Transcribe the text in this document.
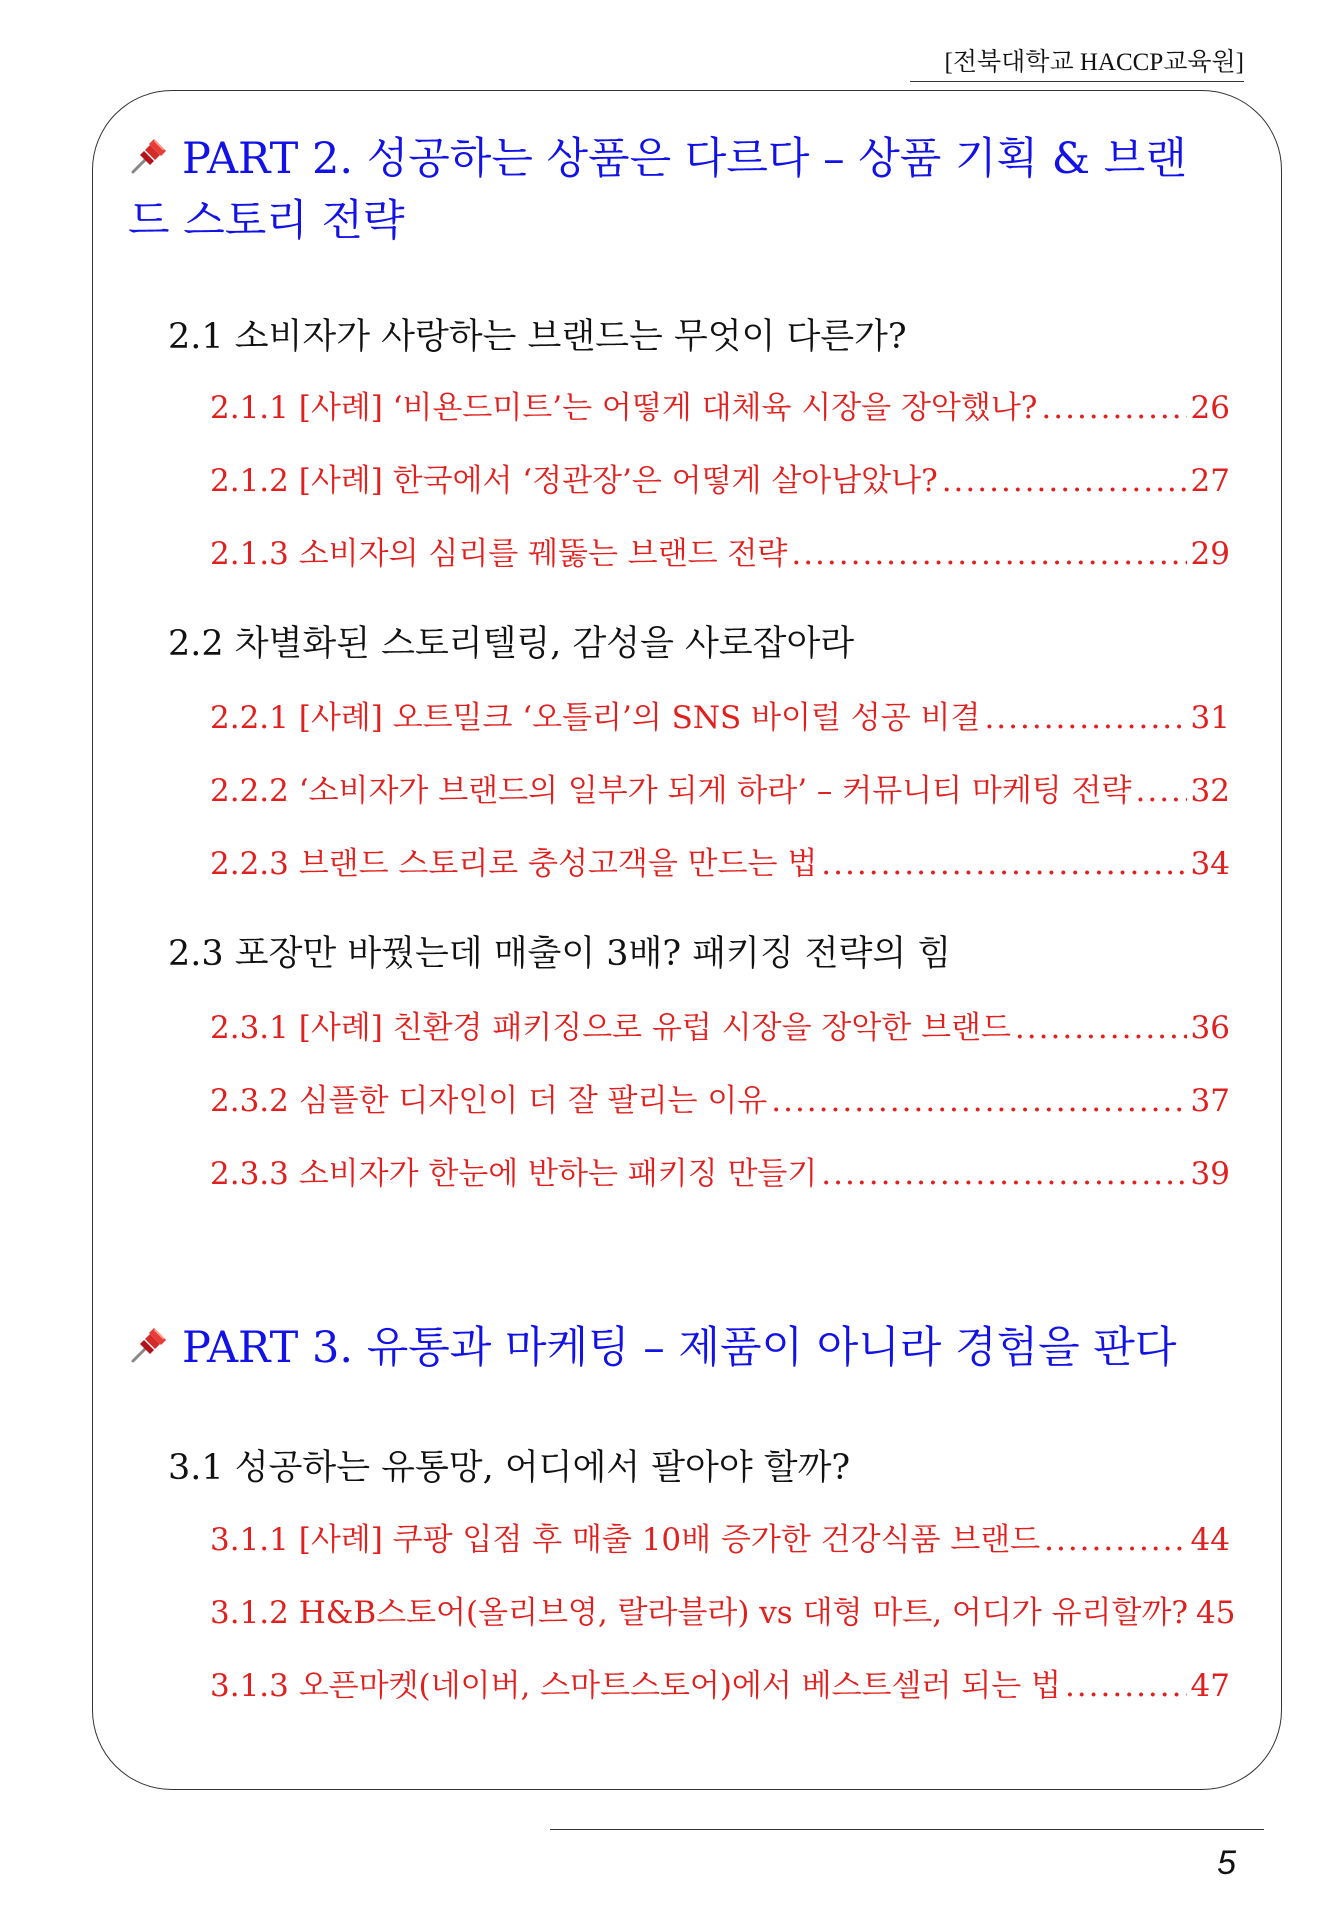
[전북대학교 HACCP교육원]
PART 2. 성공하는 상품은 다르다 – 상품 기획 & 브랜드 스토리 전략
2.1 소비자가 사랑하는 브랜드는 무엇이 다른가?
2.1.1 [사례] ‘비욘드미트’는 어떻게 대체육 시장을 장악했나? .....	26
2.1.2 [사례] 한국에서 ‘정관장’은 어떻게 살아남았나? .....	27
2.1.3 소비자의 심리를 꿰뚫는 브랜드 전략 .....	29
2.2 차별화된 스토리텔링, 감성을 사로잡아라
2.2.1 [사례] 오트밀크 ‘오틀리’의 SNS 바이럴 성공 비결 .....	31
2.2.2 ‘소비자가 브랜드의 일부가 되게 하라’ – 커뮤니티 마케팅 전략 ..... 32
2.2.3 브랜드 스토리로 충성고객을 만드는 법 .....	34
2.3 포장만 바꿨는데 매출이 3배? 패키징 전략의 힘
2.3.1 [사례] 친환경 패키징으로 유럽 시장을 장악한 브랜드 .....	36
2.3.2 심플한 디자인이 더 잘 팔리는 이유 .....	37
2.3.3 소비자가 한눈에 반하는 패키징 만들기 .....	39
PART 3. 유통과 마케팅 – 제품이 아니라 경험을 판다
3.1 성공하는 유통망, 어디에서 팔아야 할까?
3.1.1 [사례] 쿠팡 입점 후 매출 10배 증가한 건강식품 브랜드 .....	44
3.1.2 H&B스토어(올리브영, 랄라블라) vs 대형 마트, 어디가 유리할까? 45
3.1.3 오픈마켓(네이버, 스마트스토어)에서 베스트셀러 되는 법 .....	47
5
